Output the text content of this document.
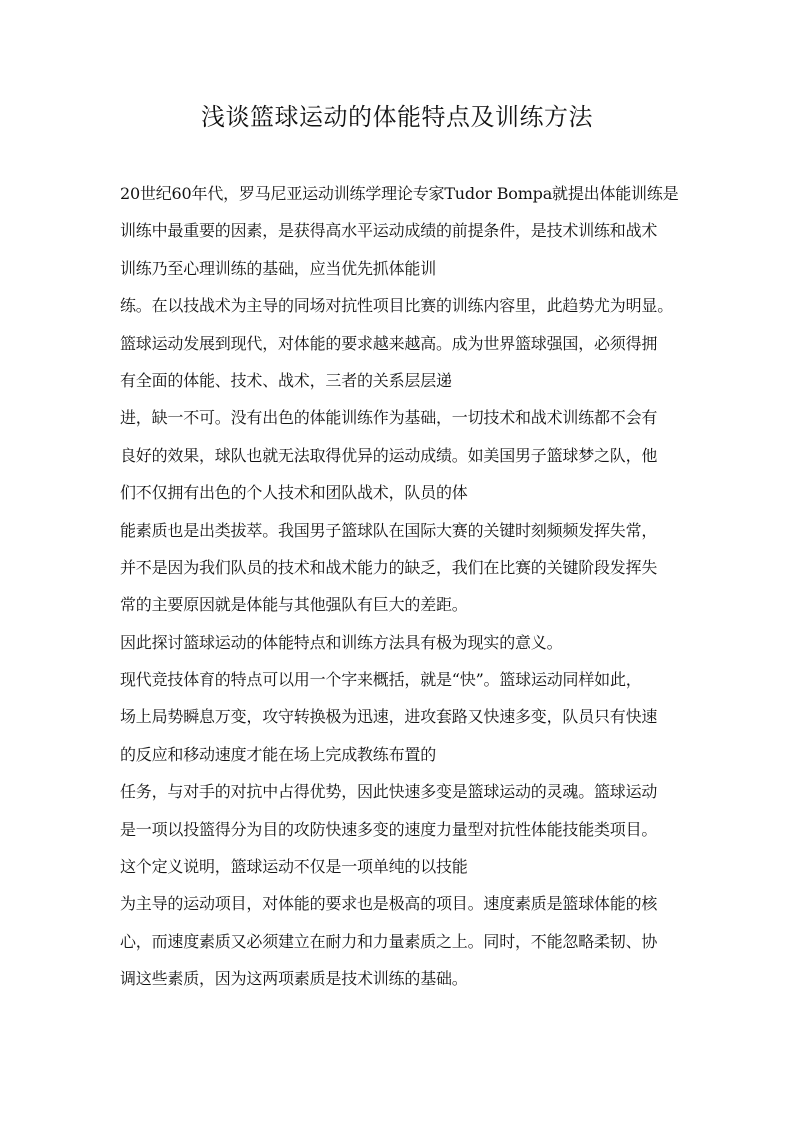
浅谈篮球运动的体能特点及训练方法
20世纪60年代，罗马尼亚运动训练学理论专家Tudor Bompa就提出体能训练是
训练中最重要的因素，是获得高水平运动成绩的前提条件，是技术训练和战术
训练乃至心理训练的基础，应当优先抓体能训
练。在以技战术为主导的同场对抗性项目比赛的训练内容里，此趋势尤为明显。
篮球运动发展到现代，对体能的要求越来越高。成为世界篮球强国，必须得拥
有全面的体能、技术、战术，三者的关系层层递
进，缺一不可。没有出色的体能训练作为基础，一切技术和战术训练都不会有
良好的效果，球队也就无法取得优异的运动成绩。如美国男子篮球梦之队，他
们不仅拥有出色的个人技术和团队战术，队员的体
能素质也是出类拔萃。我国男子篮球队在国际大赛的关键时刻频频发挥失常，
并不是因为我们队员的技术和战术能力的缺乏，我们在比赛的关键阶段发挥失
常的主要原因就是体能与其他强队有巨大的差距。
因此探讨篮球运动的体能特点和训练方法具有极为现实的意义。
现代竞技体育的特点可以用一个字来概括，就是“快”。篮球运动同样如此，
场上局势瞬息万变，攻守转换极为迅速，进攻套路又快速多变，队员只有快速
的反应和移动速度才能在场上完成教练布置的
任务，与对手的对抗中占得优势，因此快速多变是篮球运动的灵魂。篮球运动
是一项以投篮得分为目的攻防快速多变的速度力量型对抗性体能技能类项目。
这个定义说明，篮球运动不仅是一项单纯的以技能
为主导的运动项目，对体能的要求也是极高的项目。速度素质是篮球体能的核
心，而速度素质又必须建立在耐力和力量素质之上。同时，不能忽略柔韧、协
调这些素质，因为这两项素质是技术训练的基础。
